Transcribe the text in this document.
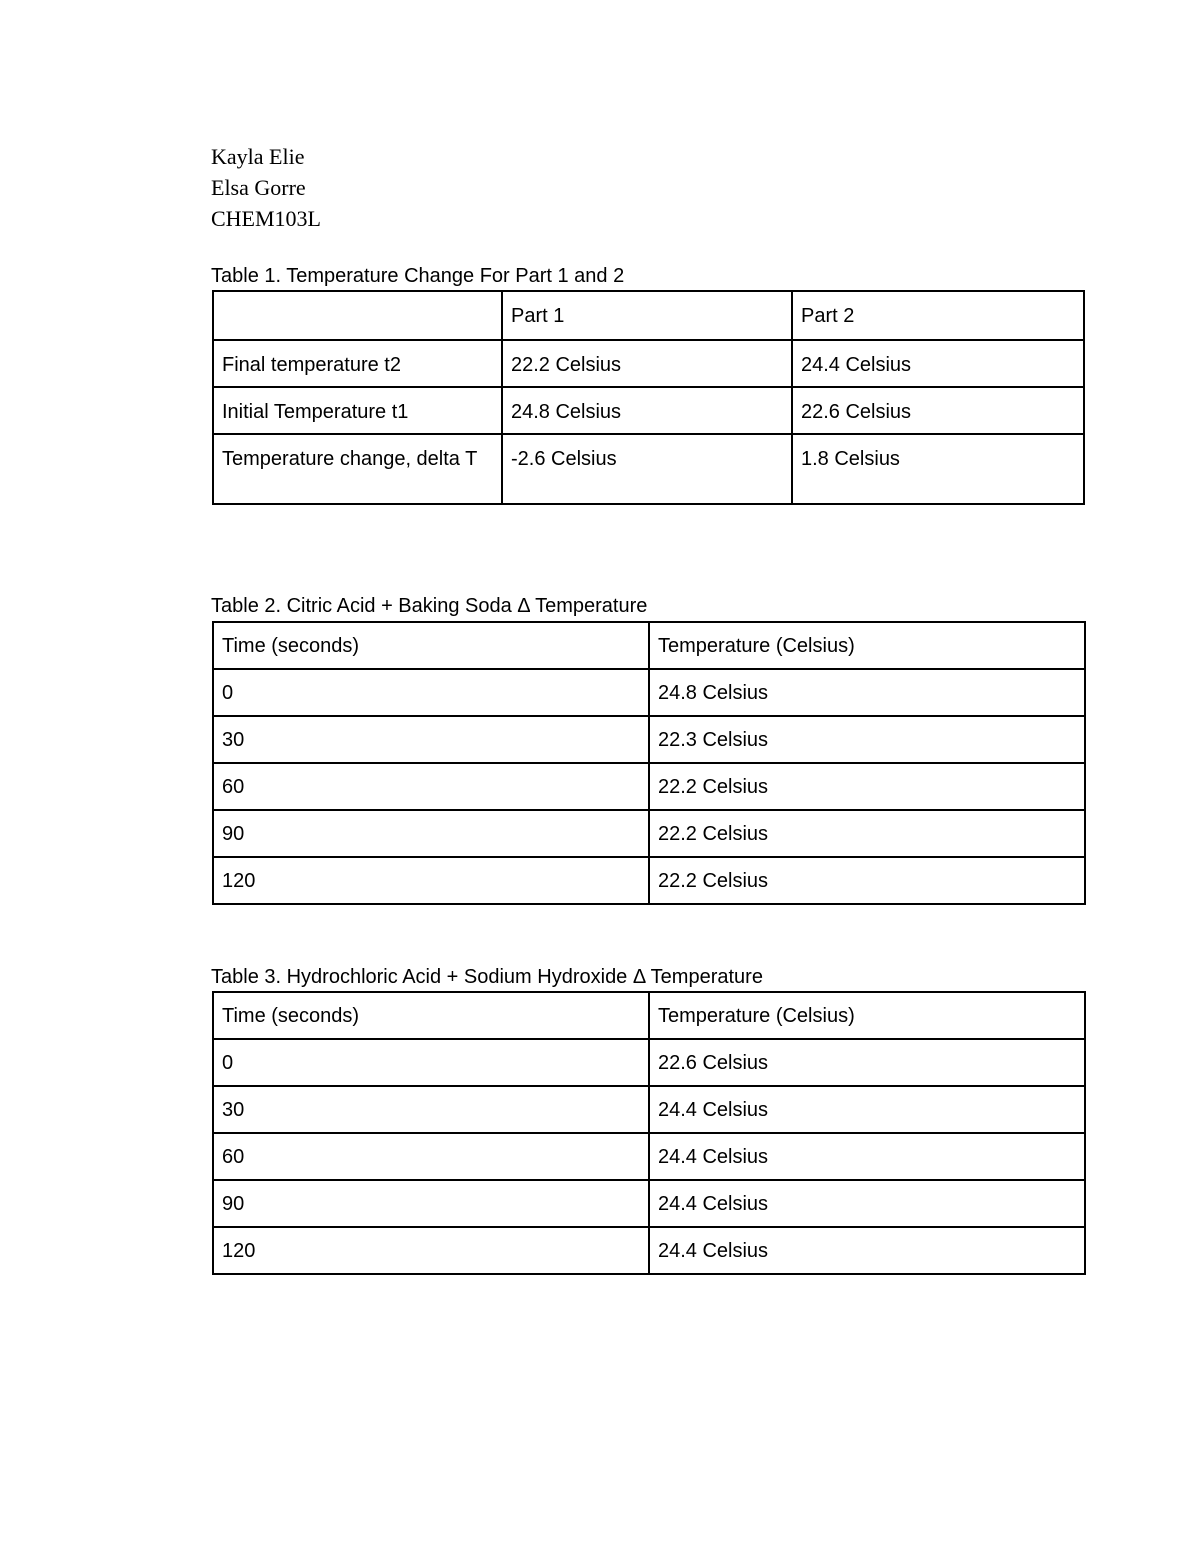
Kayla Elie
Elsa Gorre
CHEM103L
Table 1. Temperature Change For Part 1 and 2
	Part 1	Part 2
Final temperature t2	22.2 Celsius	24.4 Celsius
Initial Temperature t1	24.8 Celsius	22.6 Celsius
Temperature change, delta T	-2.6 Celsius	1.8 Celsius
Table 2. Citric Acid + Baking Soda Δ Temperature
Time (seconds)	Temperature (Celsius)
0	24.8 Celsius
30	22.3 Celsius
60	22.2 Celsius
90	22.2 Celsius
120	22.2 Celsius
Table 3. Hydrochloric Acid + Sodium Hydroxide Δ Temperature
Time (seconds)	Temperature (Celsius)
0	22.6 Celsius
30	24.4 Celsius
60	24.4 Celsius
90	24.4 Celsius
120	24.4 Celsius
